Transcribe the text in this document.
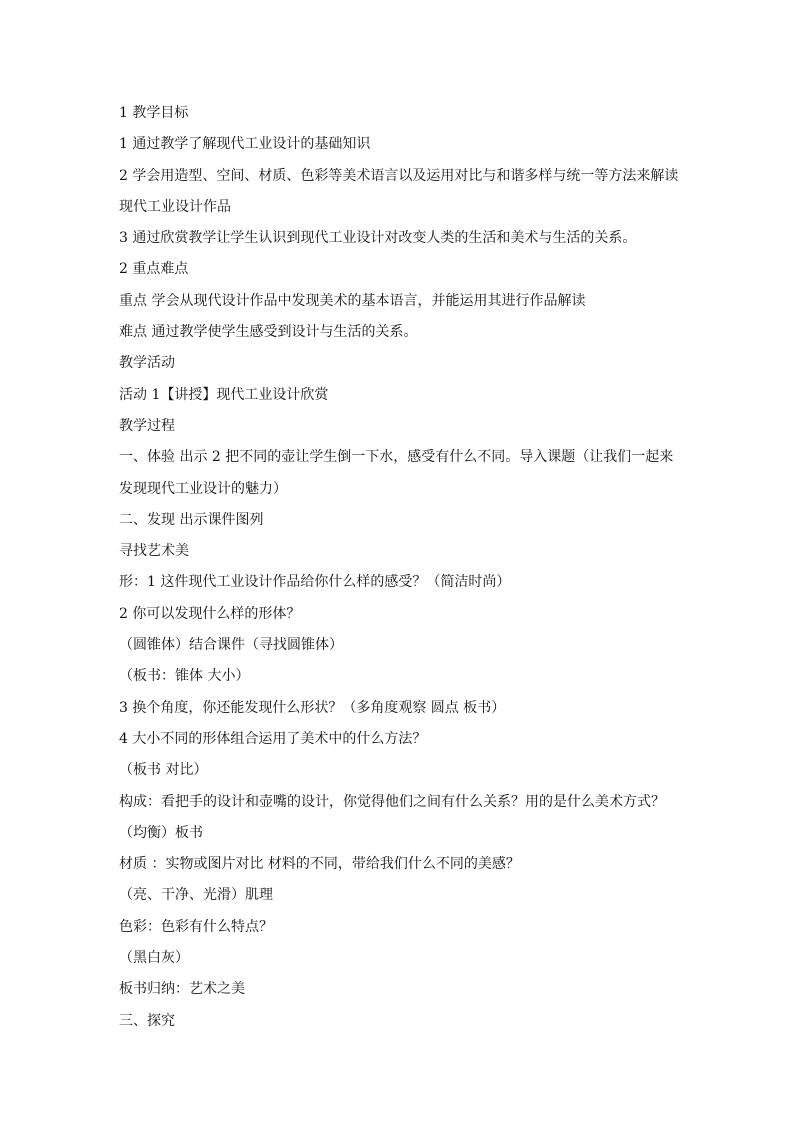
1 教学目标
1 通过教学了解现代工业设计的基础知识
2 学会用造型、空间、材质、色彩等美术语言以及运用对比与和谐多样与统一等方法来解读
现代工业设计作品
3 通过欣赏教学让学生认识到现代工业设计对改变人类的生活和美术与生活的关系。
2 重点难点
重点 学会从现代设计作品中发现美术的基本语言，并能运用其进行作品解读
难点 通过教学使学生感受到设计与生活的关系。
教学活动
活动 1【讲授】现代工业设计欣赏
教学过程
一、体验 出示 2 把不同的壶让学生倒一下水，感受有什么不同。导入课题（让我们一起来
发现现代工业设计的魅力）
二、发现 出示课件图列
寻找艺术美
形：1 这件现代工业设计作品给你什么样的感受？（简洁时尚）
2 你可以发现什么样的形体？
（圆锥体）结合课件（寻找圆锥体）
（板书：锥体 大小）
3 换个角度，你还能发现什么形状？（多角度观察 圆点 板书）
4 大小不同的形体组合运用了美术中的什么方法？
（板书 对比）
构成：看把手的设计和壶嘴的设计，你觉得他们之间有什么关系？用的是什么美术方式？
（均衡）板书
材质 ：实物或图片对比 材料的不同，带给我们什么不同的美感？
（亮、干净、光滑）肌理
色彩：色彩有什么特点？
（黑白灰）
板书归纳：艺术之美
三、探究
